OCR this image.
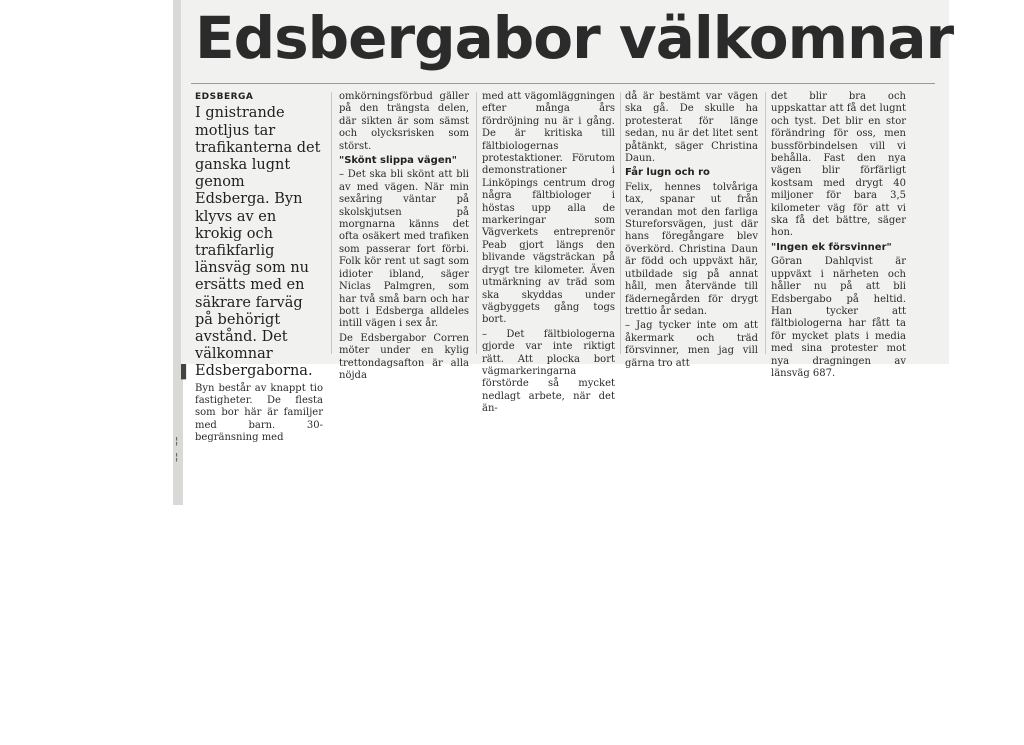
▐
¦
¦
Edsbergabor välkomnar

EDSBERGA

I gnistrande motljus tar trafikanterna det ganska lugnt genom Edsberga. Byn klyvs av en krokig och trafikfarlig länsväg som nu ersätts med en säkrare farväg på behörigt avstånd. Det välkomnar Edsbergaborna.

Byn består av knappt tio fastigheter. De flesta som bor här är familjer med barn. 30-begränsning med

omkörningsförbud gäller på den trängsta delen, där sikten är som sämst och olycksrisken som störst.

"Skönt slippa vägen"

– Det ska bli skönt att bli av med vägen. När min sexåring väntar på skolskjutsen på morgnarna känns det ofta osäkert med trafiken som passerar fort förbi. Folk kör rent ut sagt som idioter ibland, säger Niclas Palmgren, som har två små barn och har bott i Edsberga alldeles intill vägen i sex år.

De Edsbergabor Corren möter under en kylig trettondagsafton är alla nöjda

med att vägomläggningen efter många års fördröjning nu är i gång. De är kritiska till fältbiologernas protestaktioner. Förutom demonstrationer i Linköpings centrum drog några fältbiologer i höstas upp alla de markeringar som Vägverkets entreprenör Peab gjort längs den blivande vägsträckan på drygt tre kilometer. Även utmärkning av träd som ska skyddas under vägbyggets gång togs bort.

– Det fältbiologerna gjorde var inte riktigt rätt. Att plocka bort vägmarkeringarna förstörde så mycket nedlagt arbete, när det än-

då är bestämt var vägen ska gå. De skulle ha protesterat för länge sedan, nu är det litet sent påtänkt, säger Christina Daun.

Får lugn och ro

Felix, hennes tolvåriga tax, spanar ut från verandan mot den farliga Stureforsvägen, just där hans föregångare blev överkörd. Christina Daun är född och uppväxt här, utbildade sig på annat håll, men återvände till fädernegården för drygt trettio år sedan.

– Jag tycker inte om att åkermark och träd försvinner, men jag vill gärna tro att

det blir bra och uppskattar att få det lugnt och tyst. Det blir en stor förändring för oss, men bussförbindelsen vill vi behålla. Fast den nya vägen blir förfärligt kostsam med drygt 40 miljoner för bara 3,5 kilometer väg för att vi ska få det bättre, säger hon.

"Ingen ek försvinner"

Göran Dahlqvist är uppväxt i närheten och håller nu på att bli Edsbergabo på heltid. Han tycker att fältbiologerna har fått ta för mycket plats i media med sina protester mot nya dragningen av länsväg 687.
